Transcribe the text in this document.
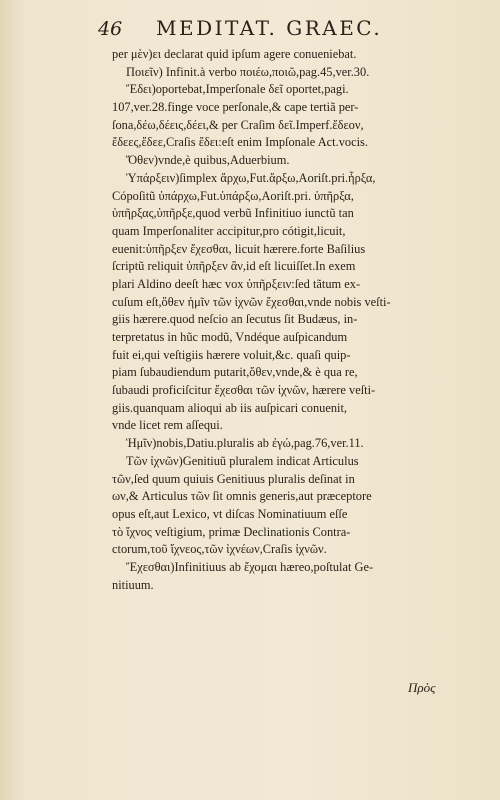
46 MEDITAT. GRAEC.
per μὲν)ει declarat quid ipſum agere conueniebat.
Ποιεῖν) Infinit.à verbo ποιέω,ποιῶ,pag.45,ver.30.
Ἔδει)oportebat,Imperſonale δεῖ oportet,pagi.
107,ver.28.finge voce perſonale,& cape tertiã per-
ſona,δέω,δέεις,δέει,& per Craſim δεῖ.Imperf.ἔδεον,
ἔδεες,ἔδεε,Craſis ἔδει:eſt enim Impſonale Act.vocis.
Ὅθεν)vnde,è quibus,Aduerbium.
Ὑπάρξειν)ſimplex ἄρχω,Fut.ἄρξω,Aoriſt.pri.ἦρξα,
Cópoſitũ ὑπάρχω,Fut.ὑπάρξω,Aoriſt.pri. ὑπῆρξα,
ὑπῆρξας,ὑπῆρξε,quod verbũ Infinitiuo iunctũ tan
quam Imperſonaliter accipitur,pro cótigit,licuit,
euenit:ὑπῆρξεν ἔχεσθαι, licuit hærere.forte Baſilius
ſcriptũ reliquit ὑπῆρξεν ἂν,id eſt licuiſſet.In exem
plari Aldino deeſt hæc vox ὑπῆρξειν:ſed tãtum ex-
cuſum eſt,ὅθεν ἡμῖν τῶν ἰχνῶν ἔχεσθαι,vnde nobis veſti-
giis hærere.quod neſcio an ſecutus ſit Budæus, in-
terpretatus in hũc modũ, Vndéque auſpicandum
fuit ei,qui veſtigiis hærere voluit,&c. quaſi quip-
piam ſubaudiendum putarit,ὅθεν,vnde,& è qua re,
ſubaudi proficiſcitur ἔχεσθαι τῶν ἰχνῶν, hærere veſti-
giis.quanquam alioqui ab iis auſpicari conuenit,
vnde licet rem aſſequi.
Ἡμῖν)nobis,Datiu.pluralis ab ἐγώ,pag.76,ver.11.
Τῶν ἰχνῶν)Genitiuũ pluralem indicat Articulus
τῶν,ſed quum quiuis Genitiuus pluralis deſinat in
ων,& Articulus τῶν ſit omnis generis,aut præceptore
opus eſt,aut Lexico, vt diſcas Nominatiuum eſſe
τὸ ἴχνος veſtigium, primæ Declinationis Contra-
ctorum,τοῦ ἴχνεος,τῶν ἰχνέων,Craſis ἰχνῶν.
Ἔχεσθαι)Infinitiuus ab ἔχομαι hæreo,poſtulat Ge-
nitiuum.
Πρὸς
